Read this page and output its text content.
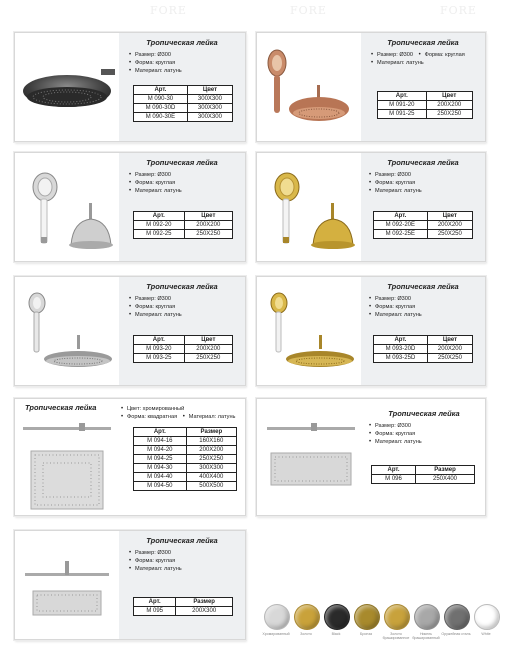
FORE	FORE	FORE
Тропическая лейка
• Размер: Ø300
• Форма: круглая
• Материал: латунь
Арт.	Цвет
M 090-30	300X300
M 090-30D	300X300
M 090-30E	300X300
Тропическая лейка
• Размер: Ø300 • Форма: круглая • Материал: латунь
Арт.	Цвет
M 091-20	200X200
M 091-25	250X250
Тропическая лейка
• Размер: Ø300
• Форма: круглая
• Материал: латунь
Арт.	Цвет
M 092-20	200X200
M 092-25	250X250
Тропическая лейка
• Размер: Ø300
• Форма: круглая
• Материал: латунь
Арт.	Цвет
M 092-20E	200X200
M 092-25E	250X250
Тропическая лейка
• Размер: Ø300
• Форма: круглая
• Материал: латунь
Арт.	Цвет
M 093-20	200X200
M 093-25	250X250
Тропическая лейка
• Размер: Ø300
• Форма: круглая
• Материал: латунь
Арт.	Цвет
M 093-20D	200X200
M 093-25D	250X250
Тропическая лейка	• Цвет: хромированный • Форма: квадратная • Материал: латунь
Арт.	Размер
M 094-16	160X160
M 094-20	200X200
M 094-25	250X250
M 094-30	300X300
M 094-40	400X400
M 094-50	500X500
Тропическая лейка
• Размер: Ø300
• Форма: круглая
• Материал: латунь
Арт.	Размер
M 096	250X400
Тропическая лейка
• Размер: Ø300
• Форма: круглая
• Материал: латунь
Арт.	Размер
M 095	200X300
Хромированный	Золото	Black	Бронза	Золото брашированное
Никель брашированный
Оружейная сталь	White
